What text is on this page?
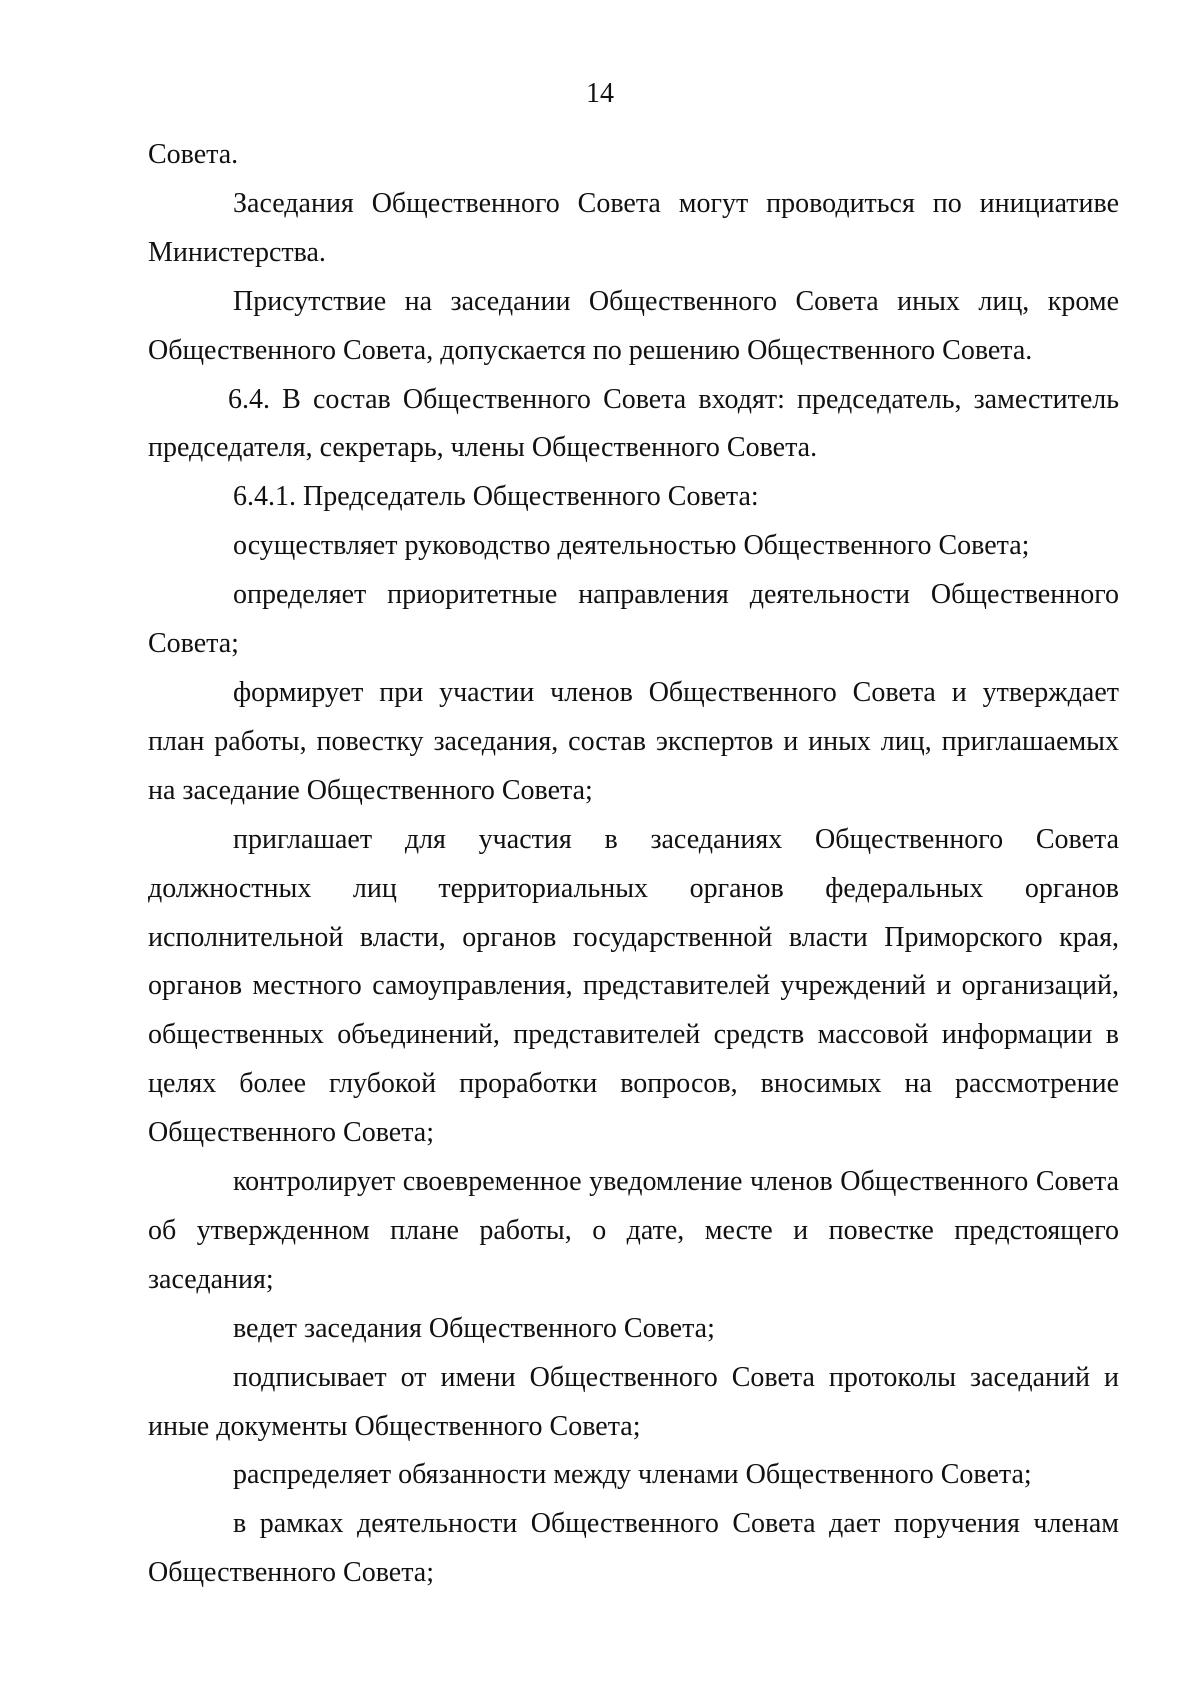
14

Совета.

Заседания Общественного Совета могут проводиться по инициативе Министерства.

Присутствие на заседании Общественного Совета иных лиц, кроме Общественного Совета, допускается по решению Общественного Совета.

6.4. В состав Общественного Совета входят: председатель, заместитель председателя, секретарь, члены Общественного Совета.

6.4.1. Председатель Общественного Совета:

осуществляет руководство деятельностью Общественного Совета;

определяет приоритетные направления деятельности Общественного Совета;

формирует при участии членов Общественного Совета и утверждает план работы, повестку заседания, состав экспертов и иных лиц, приглашаемых на заседание Общественного Совета;

приглашает для участия в заседаниях Общественного Совета должностных лиц территориальных органов федеральных органов исполнительной власти, органов государственной власти Приморского края, органов местного самоуправления, представителей учреждений и организаций, общественных объединений, представителей средств массовой информации в целях более глубокой проработки вопросов, вносимых на рассмотрение Общественного Совета;

контролирует своевременное уведомление членов Общественного Совета об утвержденном плане работы, о дате, месте и повестке предстоящего заседания;

ведет заседания Общественного Совета;

подписывает от имени Общественного Совета протоколы заседаний и иные документы Общественного Совета;

распределяет обязанности между членами Общественного Совета;

в рамках деятельности Общественного Совета дает поручения членам Общественного Совета;
